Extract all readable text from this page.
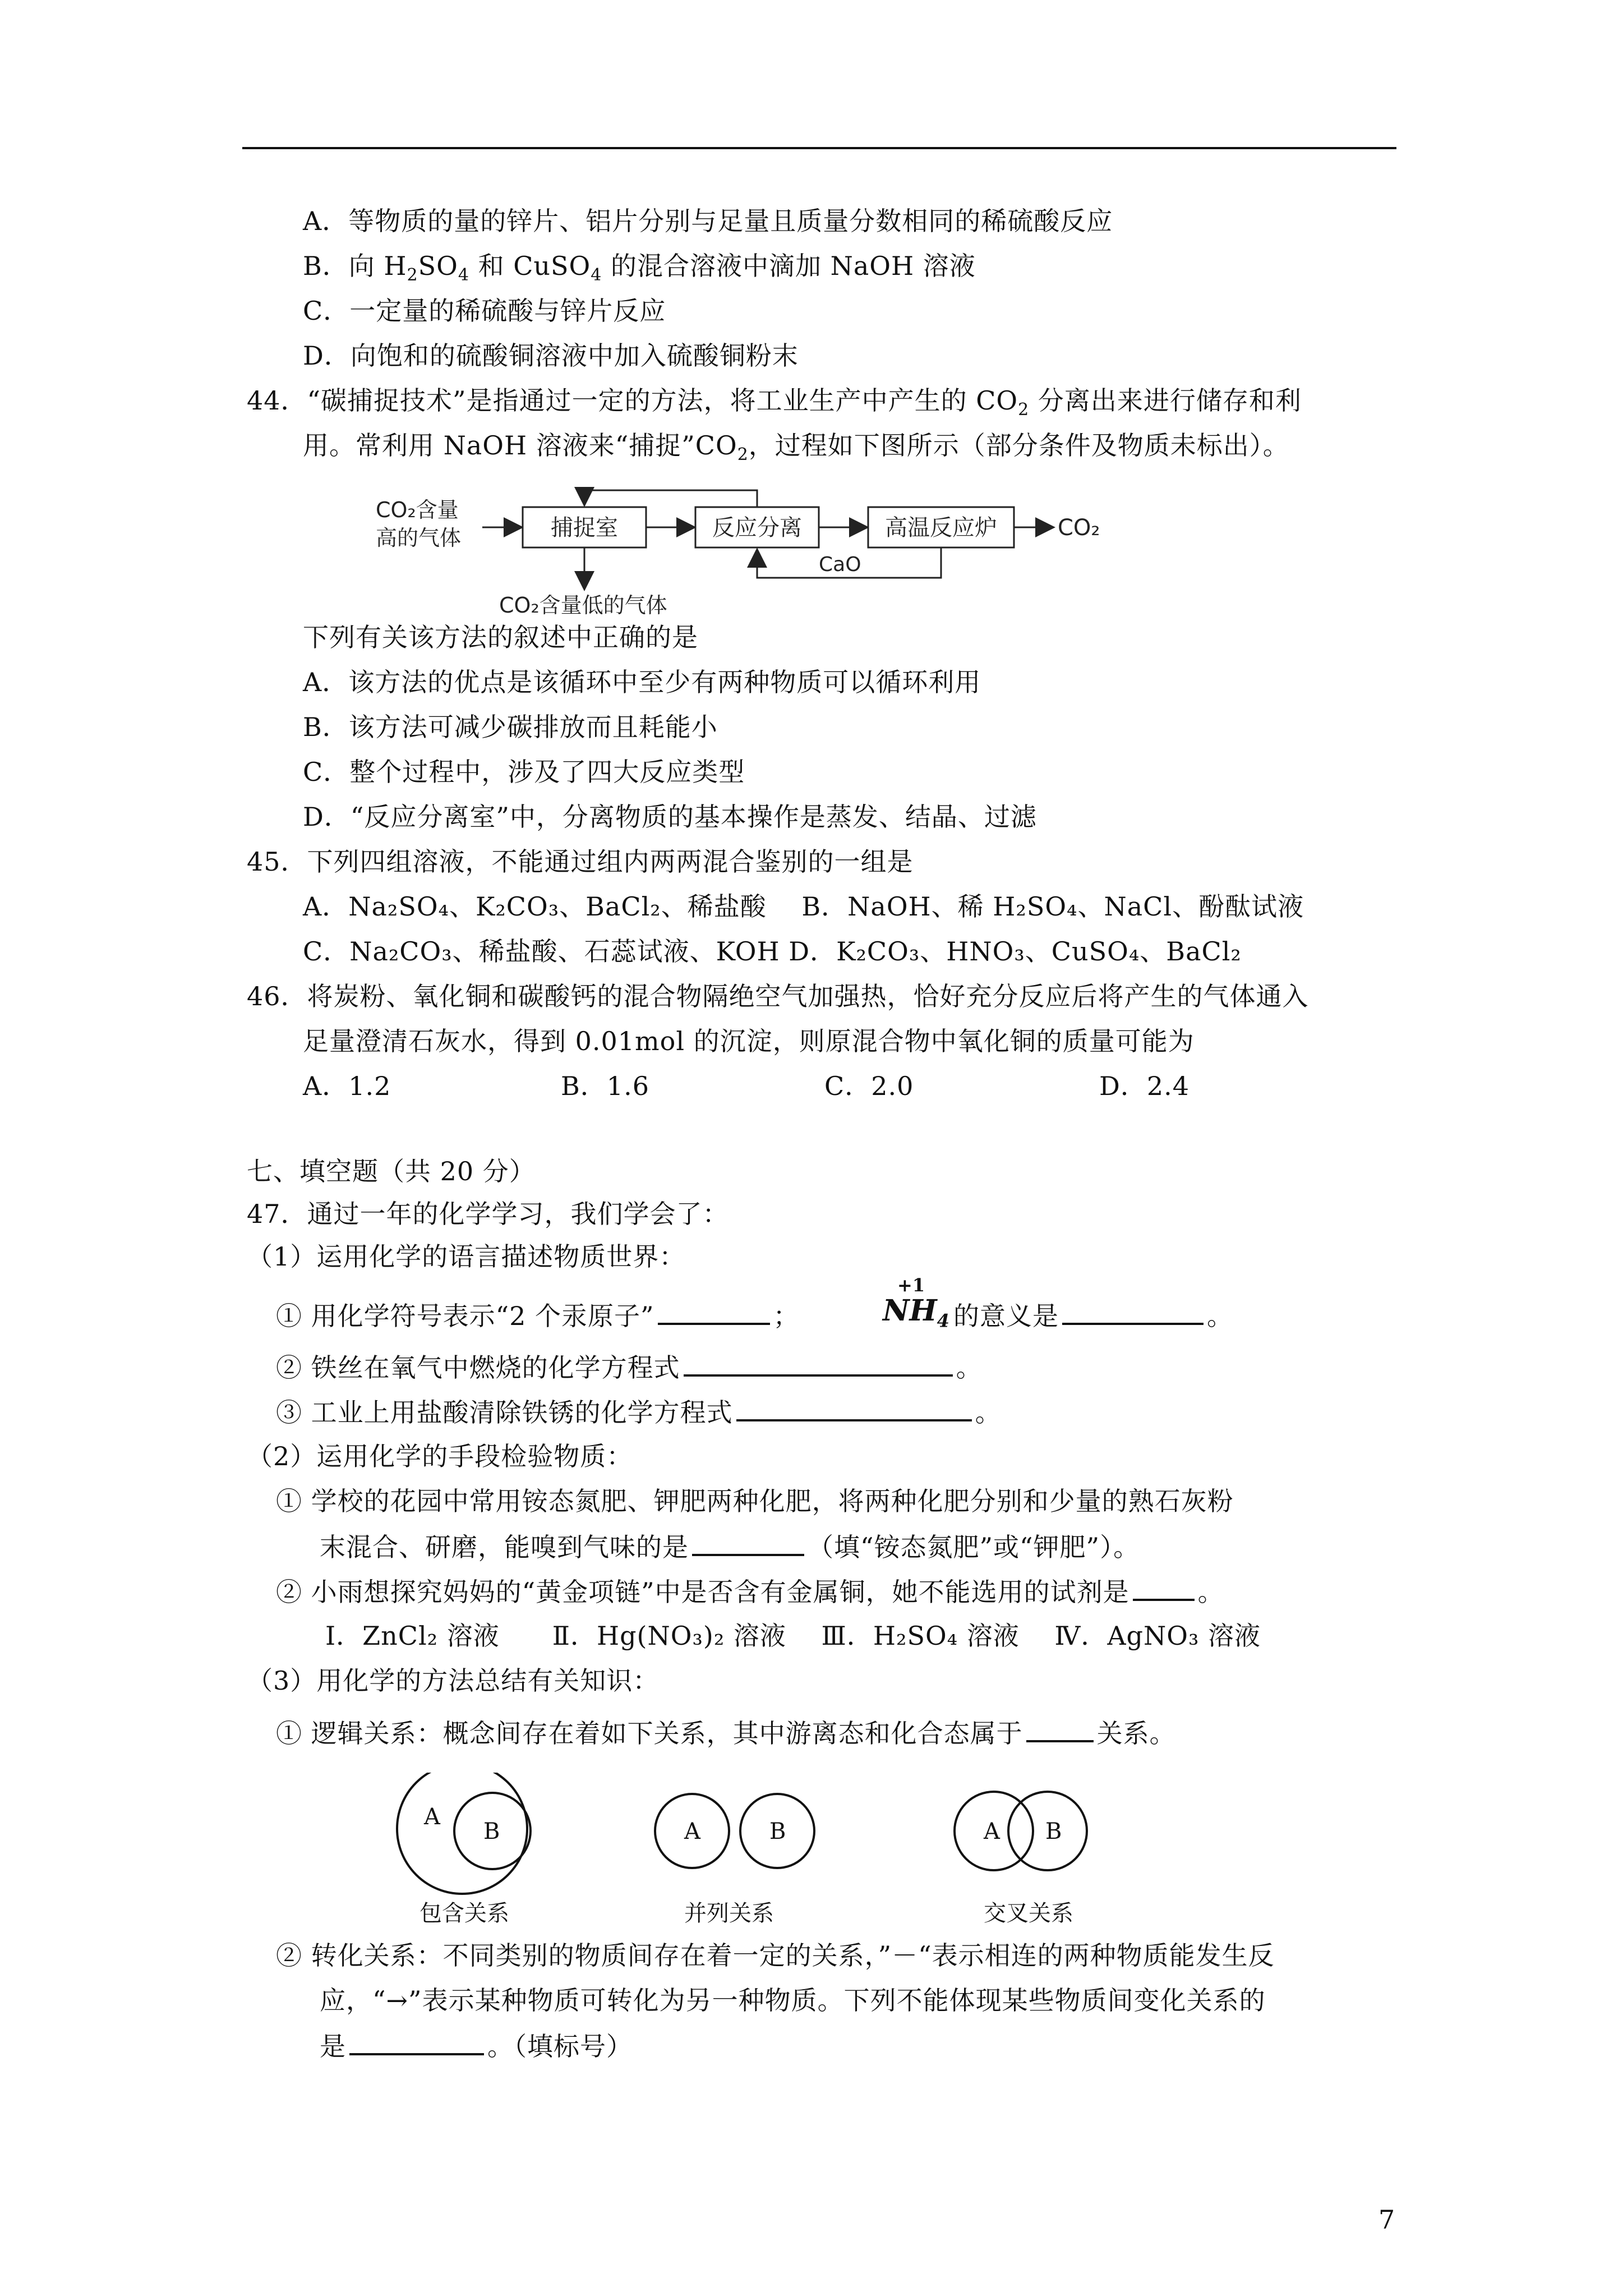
A．等物质的量的锌片、铝片分别与足量且质量分数相同的稀硫酸反应
B．向 $H_2SO_4$ 和 CuSO$_4$ 的混合溶液中滴加 NaOH 溶液
C．一定量的稀硫酸与锌片反应
D．向饱和的硫酸铜溶液中加入硫酸铜粉末
44．“碳捕捉技术”是指通过一定的方法，将工业生产中产生的 $CO_2$ 分离出来进行储存和利
用。常利用 NaOH 溶液来“捕捉$”CO_2$，过程如下图所示（部分条件及物质未标出）。
CO₂含量
高的气体	捕捉室	反应分离	高温反应炉	CO₂
CaO
CO₂含量低的气体
下列有关该方法的叙述中正确的是
A．该方法的优点是该循环中至少有两种物质可以循环利用
B．该方法可减少碳排放而且耗能小
C．整个过程中，涉及了四大反应类型
D．“反应分离室”中，分离物质的基本操作是蒸发、结晶、过滤
45．下列四组溶液，不能通过组内两两混合鉴别的一组是
A．Na₂SO₄、K₂CO₃、BaCl₂、稀盐酸　 B．NaOH、稀 H₂SO₄、NaCl、酚酞试液
C．Na₂CO₃、稀盐酸、石蕊试液、KOH D．K₂CO₃、HNO₃、CuSO₄、BaCl₂
46．将炭粉、氧化铜和碳酸钙的混合物隔绝空气加强热，恰好充分反应后将产生的气体通入
足量澄清石灰水，得到 0.01mol 的沉淀，则原混合物中氧化铜的质量可能为
A．1.2	B．1.6	C．2.0	D．2.4
七、填空题（共 20 分）
47．通过一年的化学学习，我们学会了：
（1）运用化学的语言描述物质世界：
① 用化学符号表示“2 个汞原子”	；
+1
$NH_4$ 的意义是	。
② 铁丝在氧气中燃烧的化学方程式	。
③ 工业上用盐酸清除铁锈的化学方程式	。
（2）运用化学的手段检验物质：
① 学校的花园中常用铵态氮肥、钾肥两种化肥，将两种化肥分别和少量的熟石灰粉
末混合、研磨，能嗅到气味的是	（填“铵态氮肥”或“钾肥”）。
② 小雨想探究妈妈的“黄金项链”中是否含有金属铜，她不能选用的试剂是	。
Ⅰ．ZnCl₂ 溶液　　Ⅱ．Hg(NO₃)₂ 溶液　 Ⅲ．H₂SO₄ 溶液　 Ⅳ．AgNO₃ 溶液
（3）用化学的方法总结有关知识：
① 逻辑关系：概念间存在着如下关系，其中游离态和化合态属于	关系。
A
B
包含关系
A	B
并列关系
A B
交叉关系
② 转化关系：不同类别的物质间存在着一定的关系，”－“表示相连的两种物质能发生反
应，“→”表示某种物质可转化为另一种物质。下列不能体现某些物质间变化关系的
是	。（填标号）
7
